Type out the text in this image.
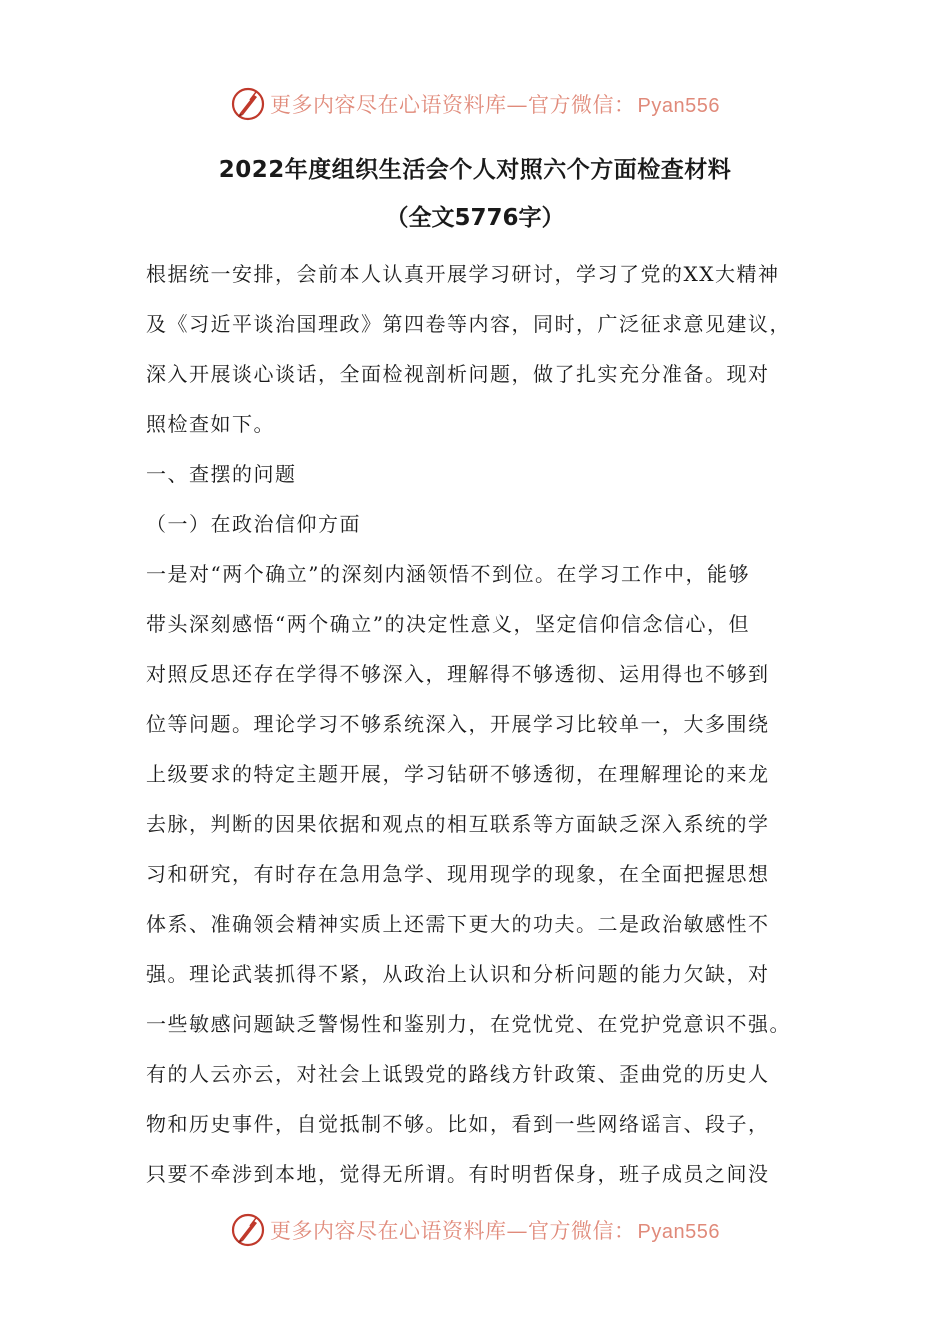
更多内容尽在心语资料库—官方微信： Pyan556
2022年度组织生活会个人对照六个方面检查材料
（全文5776字）
根据统一安排，会前本人认真开展学习研讨，学习了党的XX大精神
及《习近平谈治国理政》第四卷等内容，同时，广泛征求意见建议，
深入开展谈心谈话，全面检视剖析问题，做了扎实充分准备。现对
照检查如下。
一、查摆的问题
（一）在政治信仰方面
一是对“两个确立”的深刻内涵领悟不到位。在学习工作中，能够
带头深刻感悟“两个确立”的决定性意义，坚定信仰信念信心，但
对照反思还存在学得不够深入，理解得不够透彻、运用得也不够到
位等问题。理论学习不够系统深入，开展学习比较单一，大多围绕
上级要求的特定主题开展，学习钻研不够透彻，在理解理论的来龙
去脉，判断的因果依据和观点的相互联系等方面缺乏深入系统的学
习和研究，有时存在急用急学、现用现学的现象，在全面把握思想
体系、准确领会精神实质上还需下更大的功夫。二是政治敏感性不
强。理论武装抓得不紧，从政治上认识和分析问题的能力欠缺，对
一些敏感问题缺乏警惕性和鉴别力，在党忧党、在党护党意识不强。
有的人云亦云，对社会上诋毁党的路线方针政策、歪曲党的历史人
物和历史事件，自觉抵制不够。比如，看到一些网络谣言、段子，
只要不牵涉到本地，觉得无所谓。有时明哲保身，班子成员之间没
更多内容尽在心语资料库—官方微信： Pyan556
